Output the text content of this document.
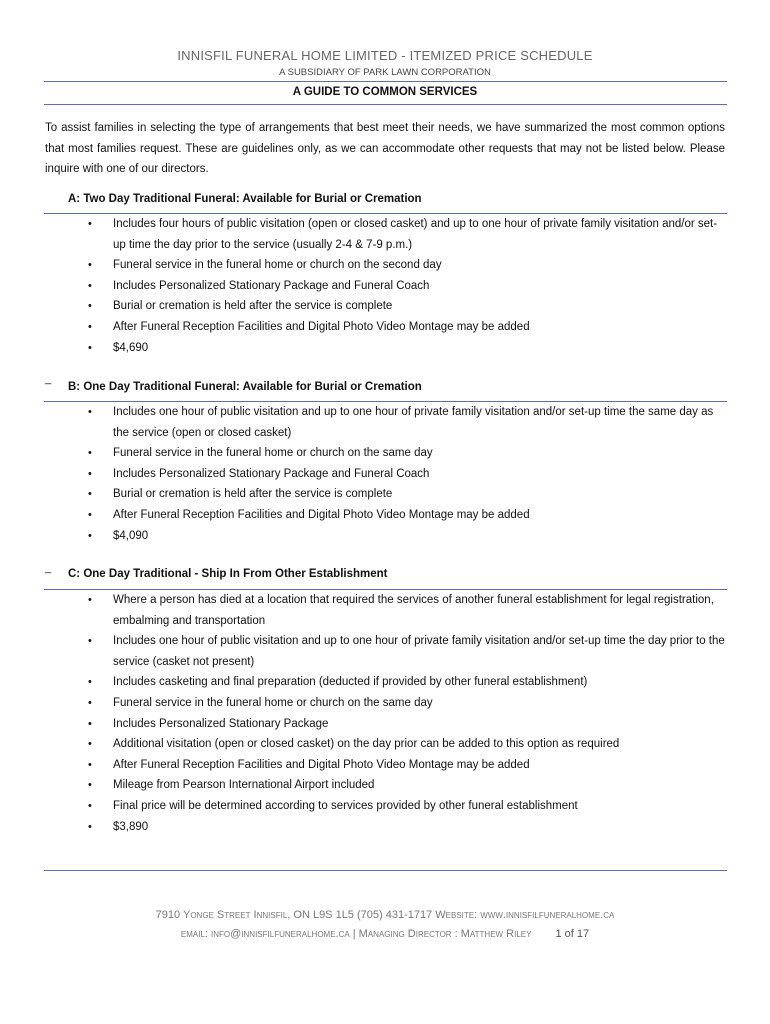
INNISFIL FUNERAL HOME LIMITED - ITEMIZED PRICE SCHEDULE
A SUBSIDIARY OF PARK LAWN CORPORATION
A GUIDE TO COMMON SERVICES
To assist families in selecting the type of arrangements that best meet their needs, we have summarized the most common options that most families request. These are guidelines only, as we can accommodate other requests that may not be listed below. Please inquire with one of our directors.
A: Two Day Traditional Funeral: Available for Burial or Cremation
• Includes four hours of public visitation (open or closed casket) and up to one hour of private family visitation and/or set-up time the day prior to the service (usually 2-4 & 7-9 p.m.)
• Funeral service in the funeral home or church on the second day
• Includes Personalized Stationary Package and Funeral Coach
• Burial or cremation is held after the service is complete
• After Funeral Reception Facilities and Digital Photo Video Montage may be added
• $4,690
_
B: One Day Traditional Funeral: Available for Burial or Cremation
• Includes one hour of public visitation and up to one hour of private family visitation and/or set-up time the same day as the service (open or closed casket)
• Funeral service in the funeral home or church on the same day
• Includes Personalized Stationary Package and Funeral Coach
• Burial or cremation is held after the service is complete
• After Funeral Reception Facilities and Digital Photo Video Montage may be added
• $4,090
_ C: One Day Traditional - Ship In From Other Establishment
• Where a person has died at a location that required the services of another funeral establishment for legal registration, embalming and transportation
• Includes one hour of public visitation and up to one hour of private family visitation and/or set-up time the day prior to the service (casket not present)
• Includes casketing and final preparation (deducted if provided by other funeral establishment)
• Funeral service in the funeral home or church on the same day
• Includes Personalized Stationary Package
• Additional visitation (open or closed casket) on the day prior can be added to this option as required
• After Funeral Reception Facilities and Digital Photo Video Montage may be added
• Mileage from Pearson International Airport included
• Final price will be determined according to services provided by other funeral establishment
• $3,890
7910 Yonge Street Innisfil, ON L9S 1L5 (705) 431-1717 Website: www.innisfilfuneralhome.ca
email: info@innisfilfuneralhome.ca | Managing Director : Matthew Riley 1 of 17
